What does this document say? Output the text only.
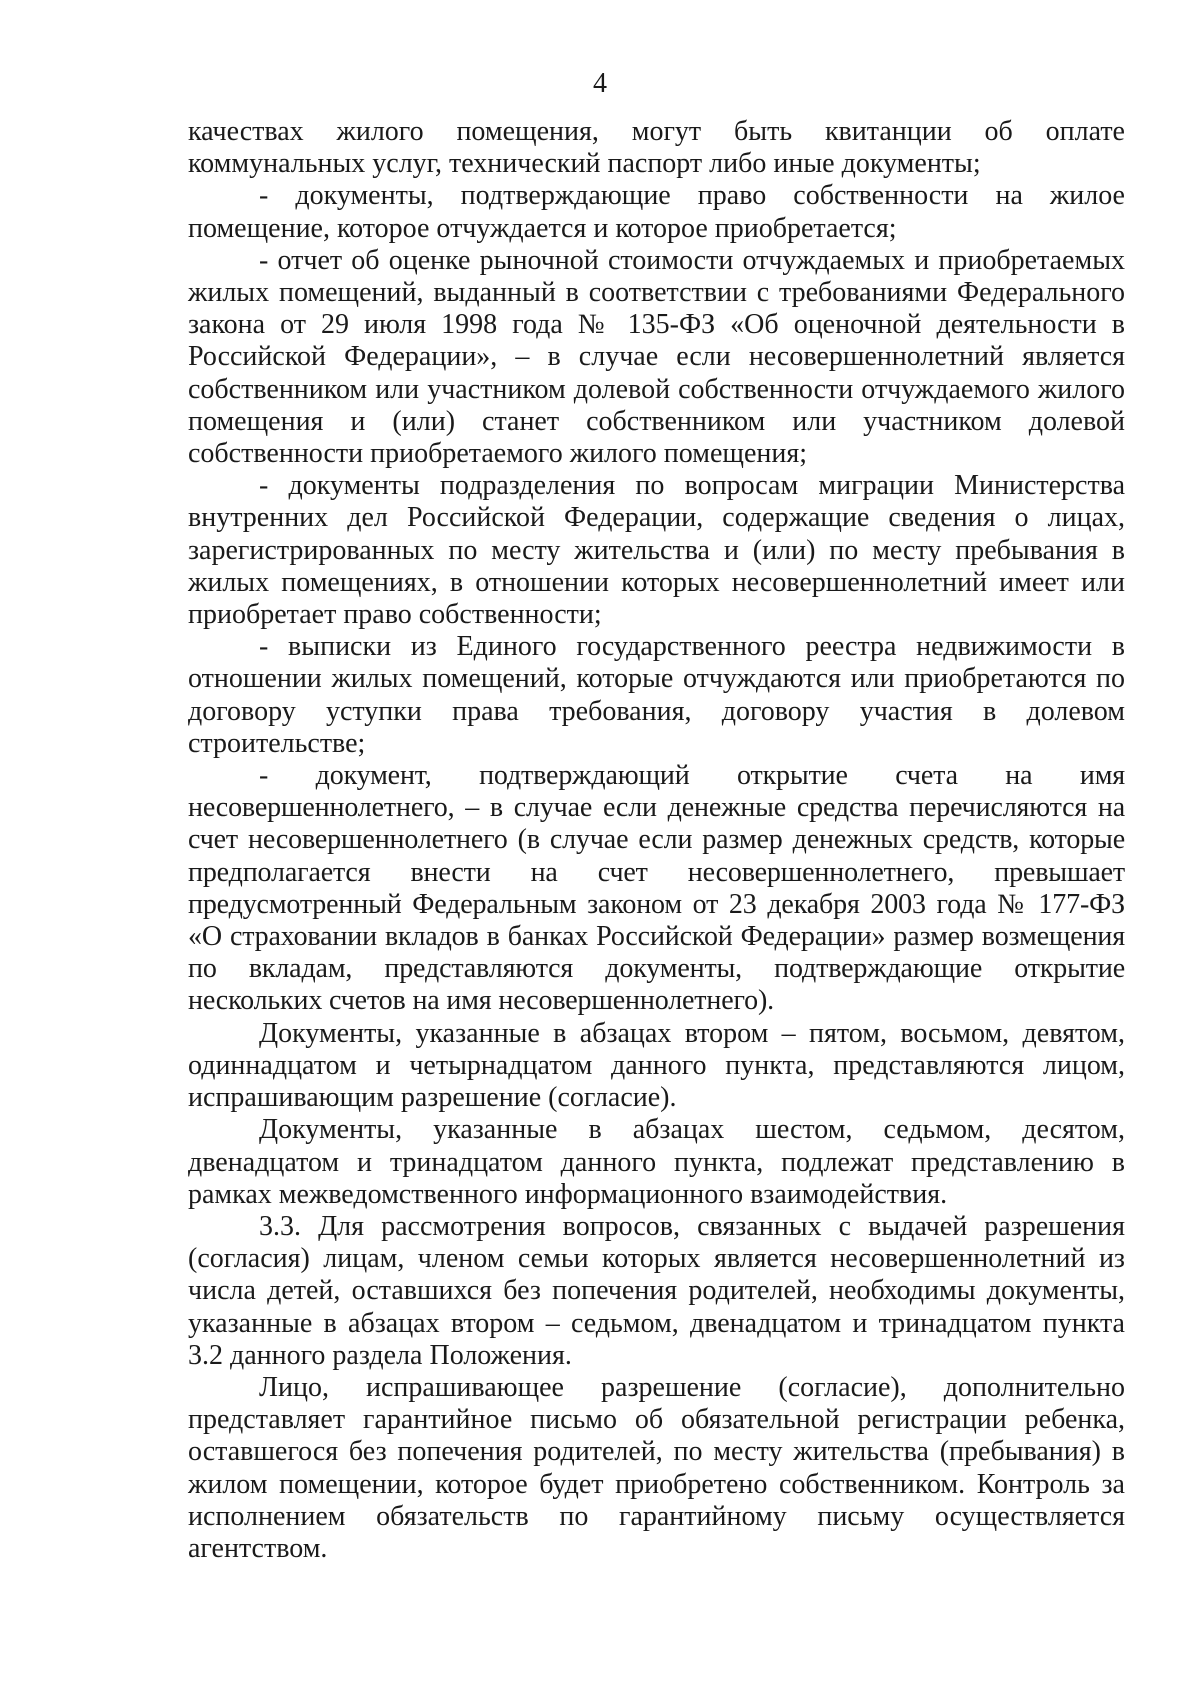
4

качествах жилого помещения, могут быть квитанции об оплате коммунальных услуг, технический паспорт либо иные документы;

- документы, подтверждающие право собственности на жилое помещение, которое отчуждается и которое приобретается;

- отчет об оценке рыночной стоимости отчуждаемых и приобретаемых жилых помещений, выданный в соответствии с требованиями Федерального закона от 29 июля 1998 года № 135-ФЗ «Об оценочной деятельности в Российской Федерации», – в случае если несовершеннолетний является собственником или участником долевой собственности отчуждаемого жилого помещения и (или) станет собственником или участником долевой собственности приобретаемого жилого помещения;

- документы подразделения по вопросам миграции Министерства внутренних дел Российской Федерации, содержащие сведения о лицах, зарегистрированных по месту жительства и (или) по месту пребывания в жилых помещениях, в отношении которых несовершеннолетний имеет или приобретает право собственности;

- выписки из Единого государственного реестра недвижимости в отношении жилых помещений, которые отчуждаются или приобретаются по договору уступки права требования, договору участия в долевом строительстве;

- документ, подтверждающий открытие счета на имя несовершеннолетнего, – в случае если денежные средства перечисляются на счет несовершеннолетнего (в случае если размер денежных средств, которые предполагается внести на счет несовершеннолетнего, превышает предусмотренный Федеральным законом от 23 декабря 2003 года № 177-ФЗ «О страховании вкладов в банках Российской Федерации» размер возмещения по вкладам, представляются документы, подтверждающие открытие нескольких счетов на имя несовершеннолетнего).

Документы, указанные в абзацах втором – пятом, восьмом, девятом, одиннадцатом и четырнадцатом данного пункта, представляются лицом, испрашивающим разрешение (согласие).

Документы, указанные в абзацах шестом, седьмом, десятом, двенадцатом и тринадцатом данного пункта, подлежат представлению в рамках межведомственного информационного взаимодействия.

3.3. Для рассмотрения вопросов, связанных с выдачей разрешения (согласия) лицам, членом семьи которых является несовершеннолетний из числа детей, оставшихся без попечения родителей, необходимы документы, указанные в абзацах втором – седьмом, двенадцатом и тринадцатом пункта 3.2 данного раздела Положения.

Лицо, испрашивающее разрешение (согласие), дополнительно представляет гарантийное письмо об обязательной регистрации ребенка, оставшегося без попечения родителей, по месту жительства (пребывания) в жилом помещении, которое будет приобретено собственником. Контроль за исполнением обязательств по гарантийному письму осуществляется агентством.
